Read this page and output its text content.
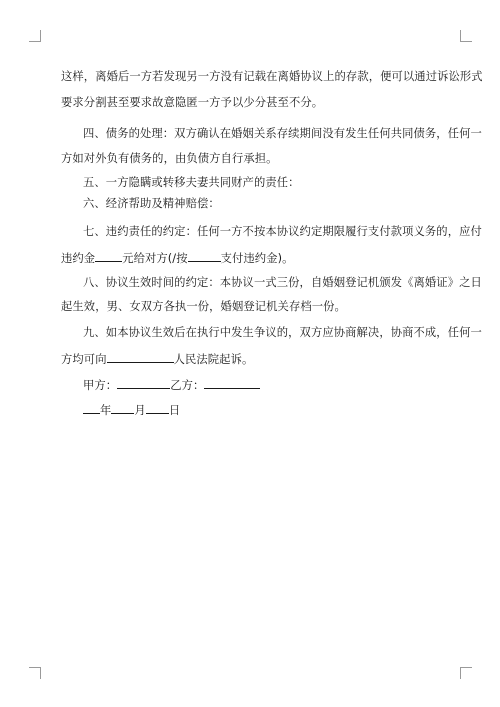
这样，离婚后一方若发现另一方没有记载在离婚协议上的存款，便可以通过诉讼形式
要求分割甚至要求故意隐匿一方予以少分甚至不分。
四、债务的处理：双方确认在婚姻关系存续期间没有发生任何共同债务，任何一
方如对外负有债务的，由负债方自行承担。
五、一方隐瞒或转移夫妻共同财产的责任：
六、经济帮助及精神赔偿：
七、违约责任的约定：任何一方不按本协议约定期限履行支付款项义务的，应付
违约金 元给对方(/按	支付违约金)。
八、协议生效时间的约定：本协议一式三份，自婚姻登记机颁发《离婚证》之日
起生效，男、女双方各执一份，婚姻登记机关存档一份。
九、如本协议生效后在执行中发生争议的，双方应协商解决，协商不成，任何一
方均可向	人民法院起诉。
甲方：	乙方：
年 月 日
